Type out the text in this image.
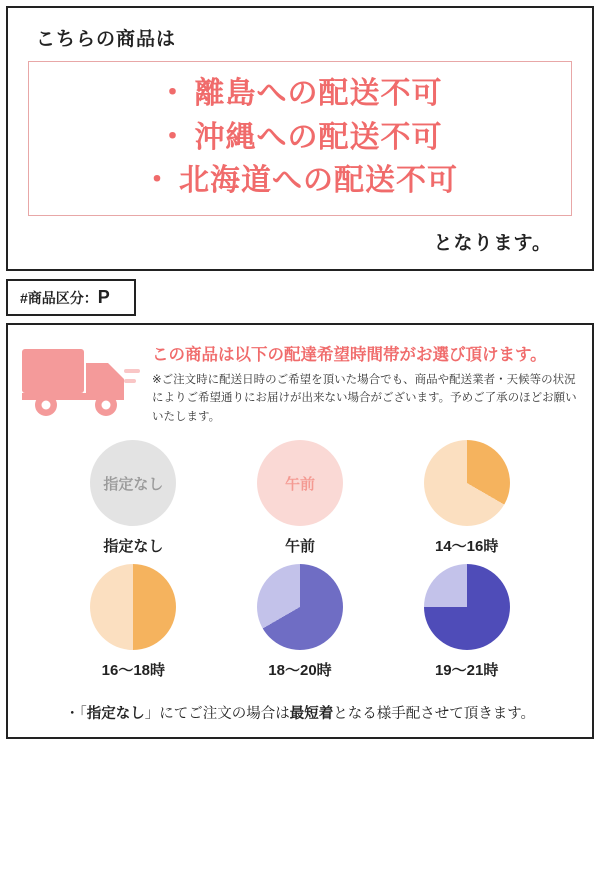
こちらの商品は
・ 離島への配送不可
・ 沖縄への配送不可
・ 北海道への配送不可
となります。
#商品区分：P
この商品は以下の配達希望時間帯がお選び頂けます。
※ご注文時に配送日時のご希望を頂いた場合でも、商品や配送業者・天候等の状況によりご希望通りにお届けが出来ない場合がございます。予めご了承のほどお願いいたします。
指定なし
指定なし
午前
午前	14〜16時
16〜18時	18〜20時	19〜21時
・「指定なし」にてご注文の場合は最短着となる様手配させて頂きます。
